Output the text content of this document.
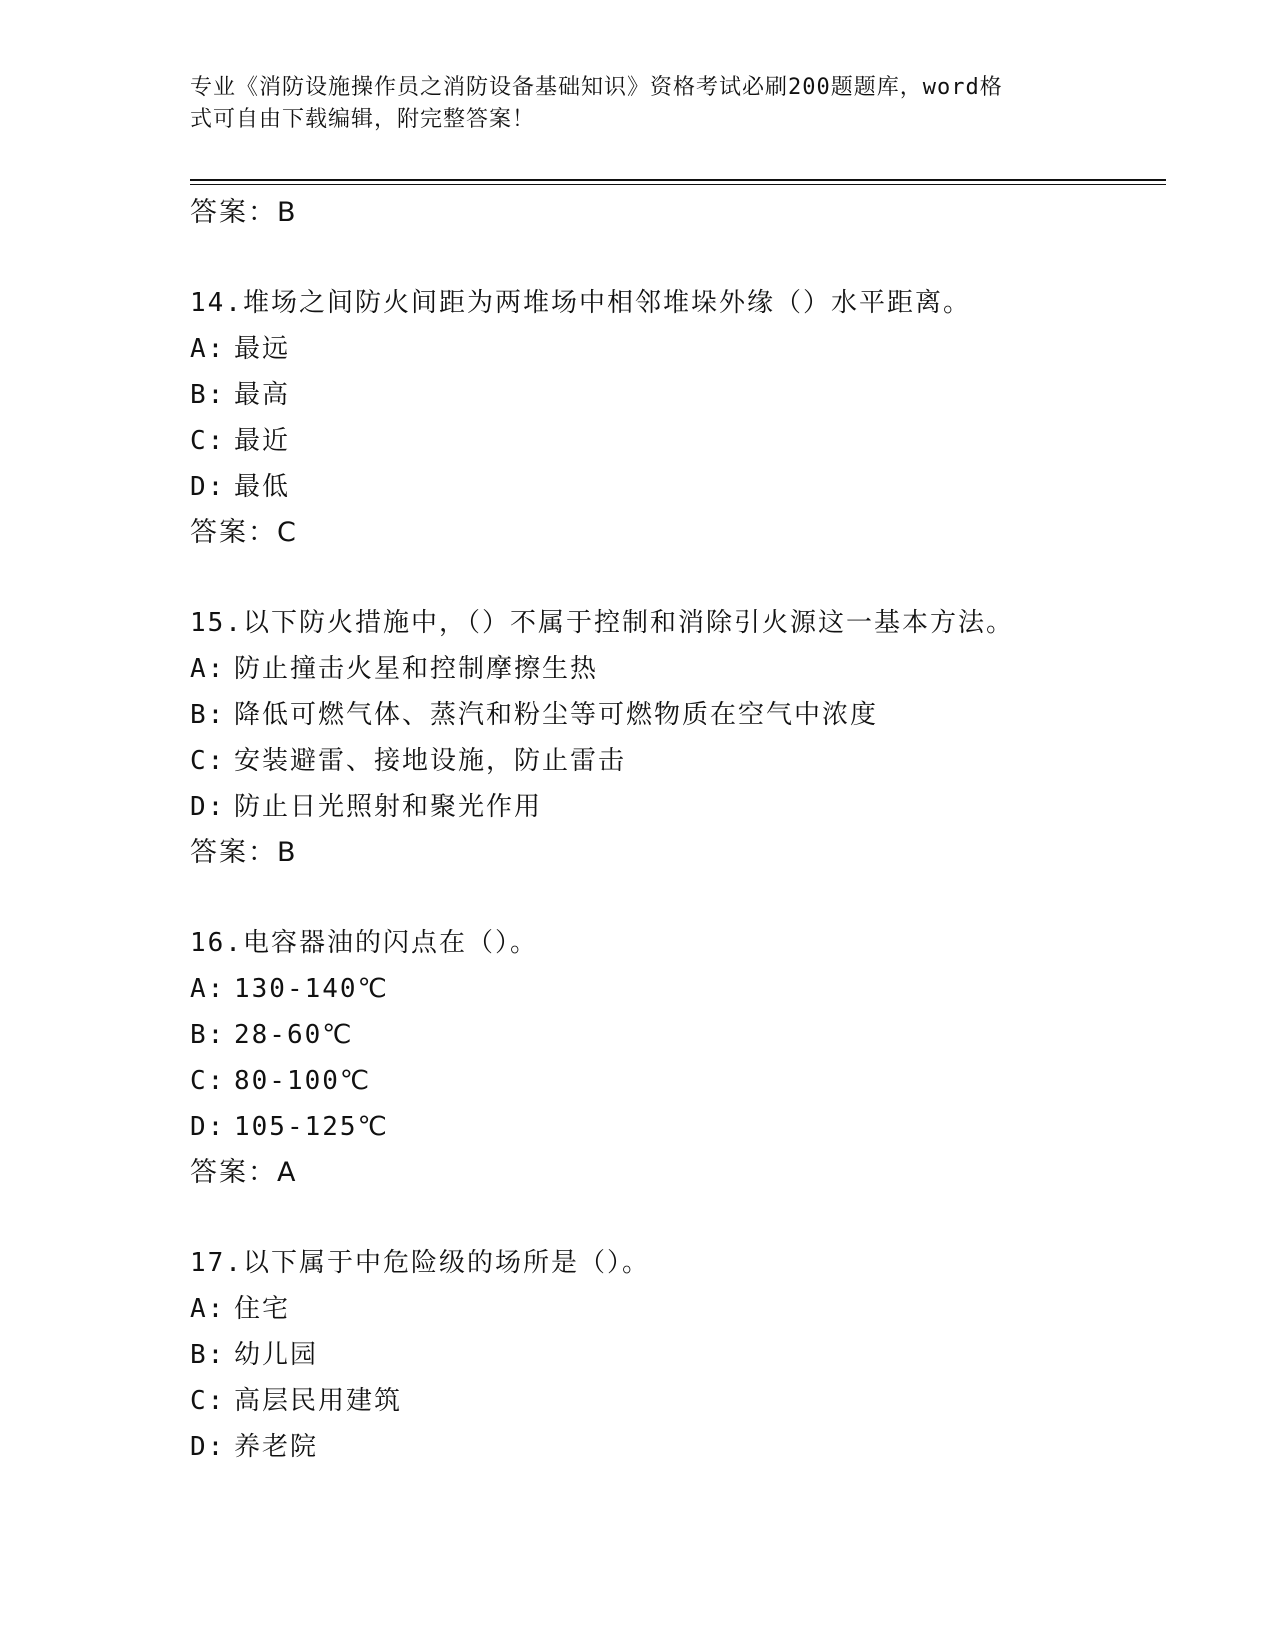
专业《消防设施操作员之消防设备基础知识》资格考试必刷200题题库，word格
式可自由下载编辑，附完整答案！
答案：B
14.堆场之间防火间距为两堆场中相邻堆垛外缘（）水平距离。
A: 最远
B: 最高
C: 最近
D: 最低
答案：C
15.以下防火措施中，（）不属于控制和消除引火源这一基本方法。
A: 防止撞击火星和控制摩擦生热
B: 降低可燃气体、蒸汽和粉尘等可燃物质在空气中浓度
C: 安装避雷、接地设施，防止雷击
D: 防止日光照射和聚光作用
答案：B
16.电容器油的闪点在（）。
A: 130-140℃
B: 28-60℃
C: 80-100℃
D: 105-125℃
答案：A
17.以下属于中危险级的场所是（）。
A: 住宅
B: 幼儿园
C: 高层民用建筑
D: 养老院
